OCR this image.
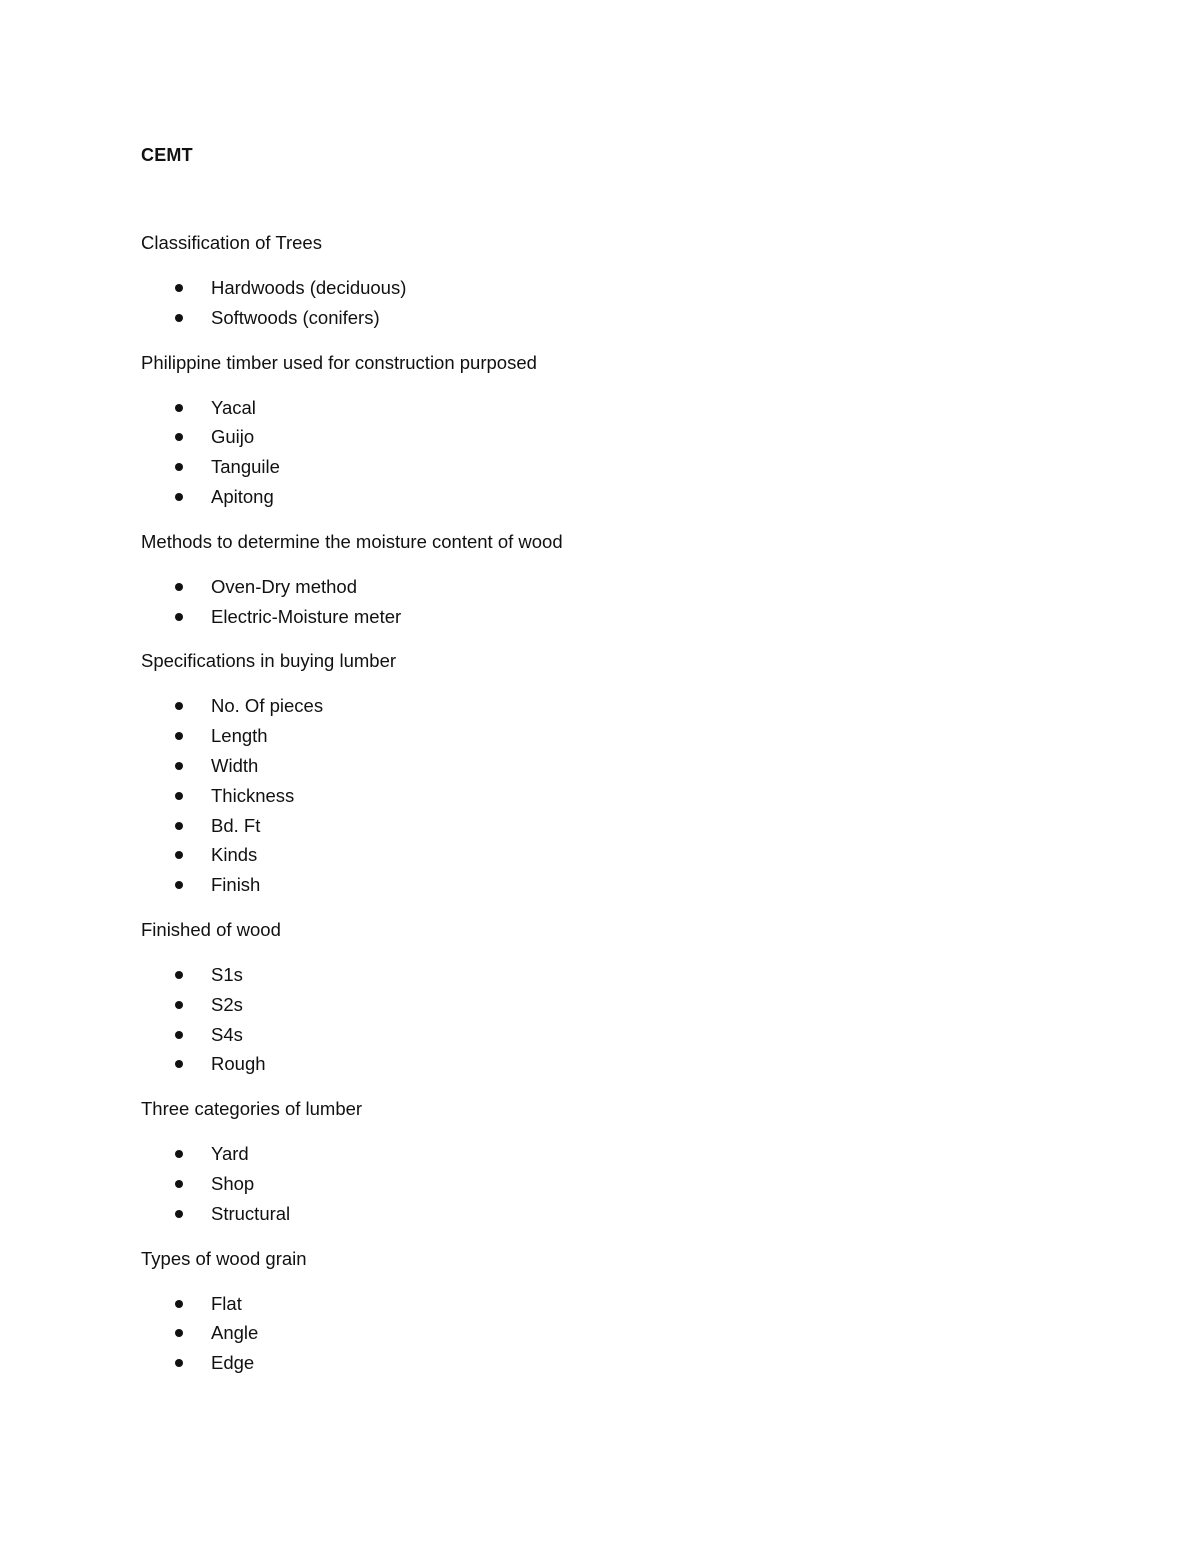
CEMT
Classification of Trees
Hardwoods (deciduous)
Softwoods (conifers)
Philippine timber used for construction purposed
Yacal
Guijo
Tanguile
Apitong
Methods to determine the moisture content of wood
Oven-Dry method
Electric-Moisture meter
Specifications in buying lumber
No. Of pieces
Length
Width
Thickness
Bd. Ft
Kinds
Finish
Finished of wood
S1s
S2s
S4s
Rough
Three categories of lumber
Yard
Shop
Structural
Types of wood grain
Flat
Angle
Edge
